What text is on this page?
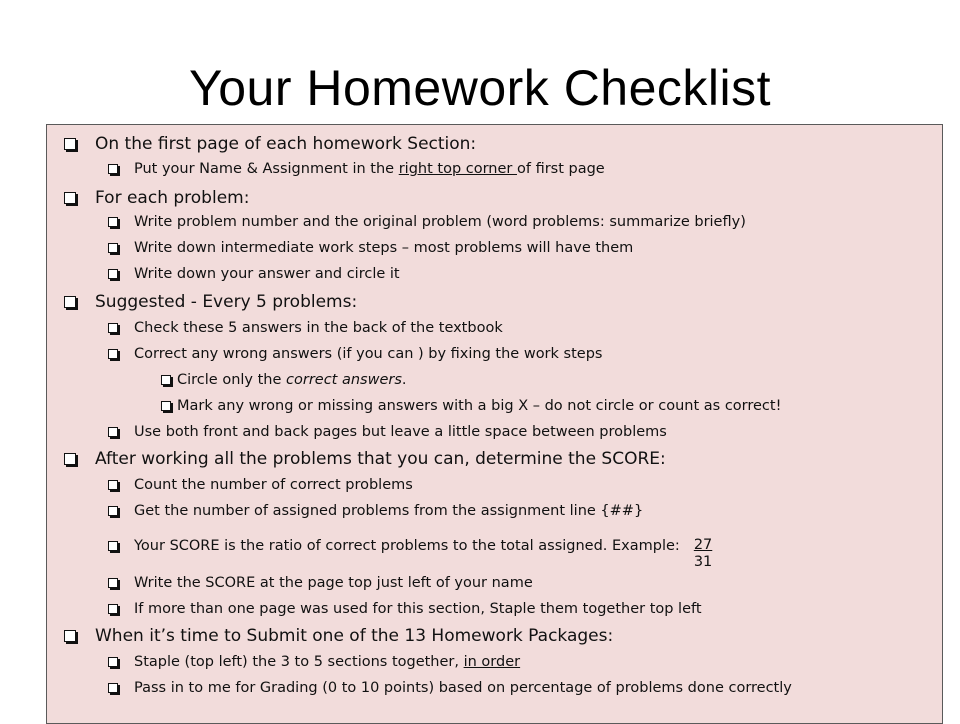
Your Homework Checklist
On the first page of each homework Section:
Put your Name & Assignment in the right top corner of first page
For each problem:
Write problem number and the original problem (word problems: summarize briefly)
Write down intermediate work steps – most problems will have them
Write down your answer and circle it
Suggested - Every 5 problems:
Check these 5 answers in the back of the textbook
Correct any wrong answers (if you can ) by fixing the work steps
Circle only the correct answers.
Mark any wrong or missing answers with a big X – do not circle or count as correct!
Use both front and back pages but leave a little space between problems
After working all the problems that you can, determine the SCORE:
Count the number of correct problems
Get the number of assigned problems from the assignment line {##}
Your SCORE is the ratio of correct problems to the total assigned. Example: $\frac{27}{31}$
Write the SCORE at the page top just left of your name
If more than one page was used for this section, Staple them together top left
When it’s time to Submit one of the 13 Homework Packages:
Staple (top left) the 3 to 5 sections together, in order
Pass in to me for Grading (0 to 10 points) based on percentage of problems done correctly
